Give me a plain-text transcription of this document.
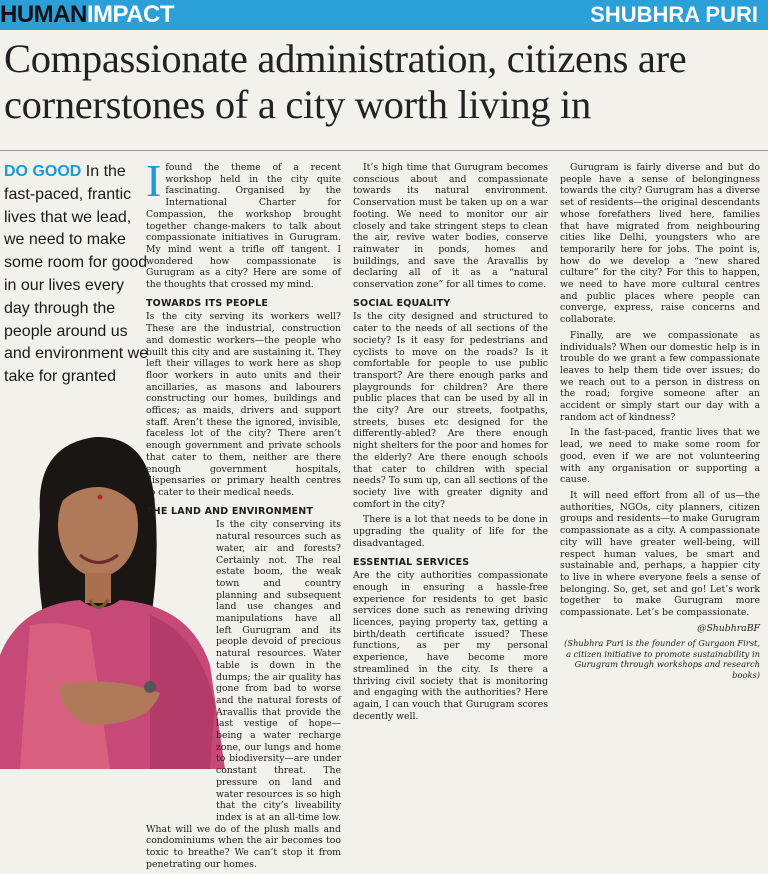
HUMANIMPACT	SHUBHRA PURI
Compassionate administration, citizens are cornerstones of a city worth living in
DO GOOD In the fast-paced, frantic lives that we lead, we need to make some room for good in our lives every day through the people around us and environment we take for granted

Ifound the theme of a recent workshop held in the city quite fascinating. Organised by the International Charter for Compassion, the workshop brought together change-makers to talk about compassionate initiatives in Gurugram. My mind went a trifle off tangent. I wondered how compassionate is Gurugram as a city? Here are some of the thoughts that crossed my mind.

TOWARDS ITS PEOPLE

Is the city serving its workers well? These are the industrial, construction and domestic workers—the people who built this city and are sustaining it. They left their villages to work here as shop floor workers in auto units and their ancillaries, as masons and labourers constructing our homes, buildings and offices; as maids, drivers and support staff. Aren’t these the ignored, invisible, faceless lot of the city? There aren’t enough government and private schools that cater to them, neither are there enough government hospitals, dispensaries or primary health centres to cater to their medical needs.

THE LAND AND ENVIRONMENT

Is the city conserving its natural resources such as water, air and forests? Certainly not. The real estate boom, the weak town and country planning and subsequent land use changes and manipulations have all left Gurugram and its people devoid of precious natural resources. Water table is down in the dumps; the air quality has gone from bad to worse and the natural forests of Aravallis that provide the last vestige of hope—being a water recharge zone, our lungs and home to biodiversity—are under constant threat. The pressure on land and water resources is so high that the city’s liveability index is at an all-time low. What will we do of the plush malls and condominiums when the air becomes too toxic to breathe? We can’t stop it from penetrating our homes.

It’s high time that Gurugram becomes conscious about and compassionate towards its natural environment. Conservation must be taken up on a war footing. We need to monitor our air closely and take stringent steps to clean the air, revive water bodies, conserve rainwater in ponds, homes and buildings, and save the Aravallis by declaring all of it as a “natural conservation zone” for all times to come.

SOCIAL EQUALITY

Is the city designed and structured to cater to the needs of all sections of the society? Is it easy for pedestrians and cyclists to move on the roads? Is it comfortable for people to use public transport? Are there enough parks and playgrounds for children? Are there public places that can be used by all in the city? Are our streets, footpaths, streets, buses etc designed for the differently-abled? Are there enough night shelters for the poor and homes for the elderly? Are there enough schools that cater to children with special needs? To sum up, can all sections of the society live with greater dignity and comfort in the city?

There is a lot that needs to be done in upgrading the quality of life for the disadvantaged.

ESSENTIAL SERVICES

Are the city authorities compassionate enough in ensuring a hassle-free experience for residents to get basic services done such as renewing driving licences, paying property tax, getting a birth/death certificate issued? These functions, as per my personal experience, have become more streamlined in the city. Is there a thriving civil society that is monitoring and engaging with the authorities? Here again, I can vouch that Gurugram scores decently well.

Gurugram is fairly diverse and but do people have a sense of belongingness towards the city? Gurugram has a diverse set of residents—the original descendants whose forefathers lived here, families that have migrated from neighbouring cities like Delhi, youngsters who are temporarily here for jobs. The point is, how do we develop a “new shared culture” for the city? For this to happen, we need to have more cultural centres and public places where people can converge, express, raise concerns and collaborate.

Finally, are we compassionate as individuals? When our domestic help is in trouble do we grant a few compassionate leaves to help them tide over issues; do we reach out to a person in distress on the road; forgive someone after an accident or simply start our day with a random act of kindness?

In the fast-paced, frantic lives that we lead, we need to make some room for good, even if we are not volunteering with any organisation or supporting a cause.

It will need effort from all of us—the authorities, NGOs, city planners, citizen groups and residents—to make Gurugram compassionate as a city. A compassionate city will have greater well-being, will respect human values, be smart and sustainable and, perhaps, a happier city to live in where everyone feels a sense of belonging. So, get, set and go! Let’s work together to make Gurugram more compassionate. Let’s be compassionate.

@ShubhraBF

(Shubhra Puri is the founder of Gurgaon First, a citizen initiative to promote sustainability in Gurugram through workshops and research books)
